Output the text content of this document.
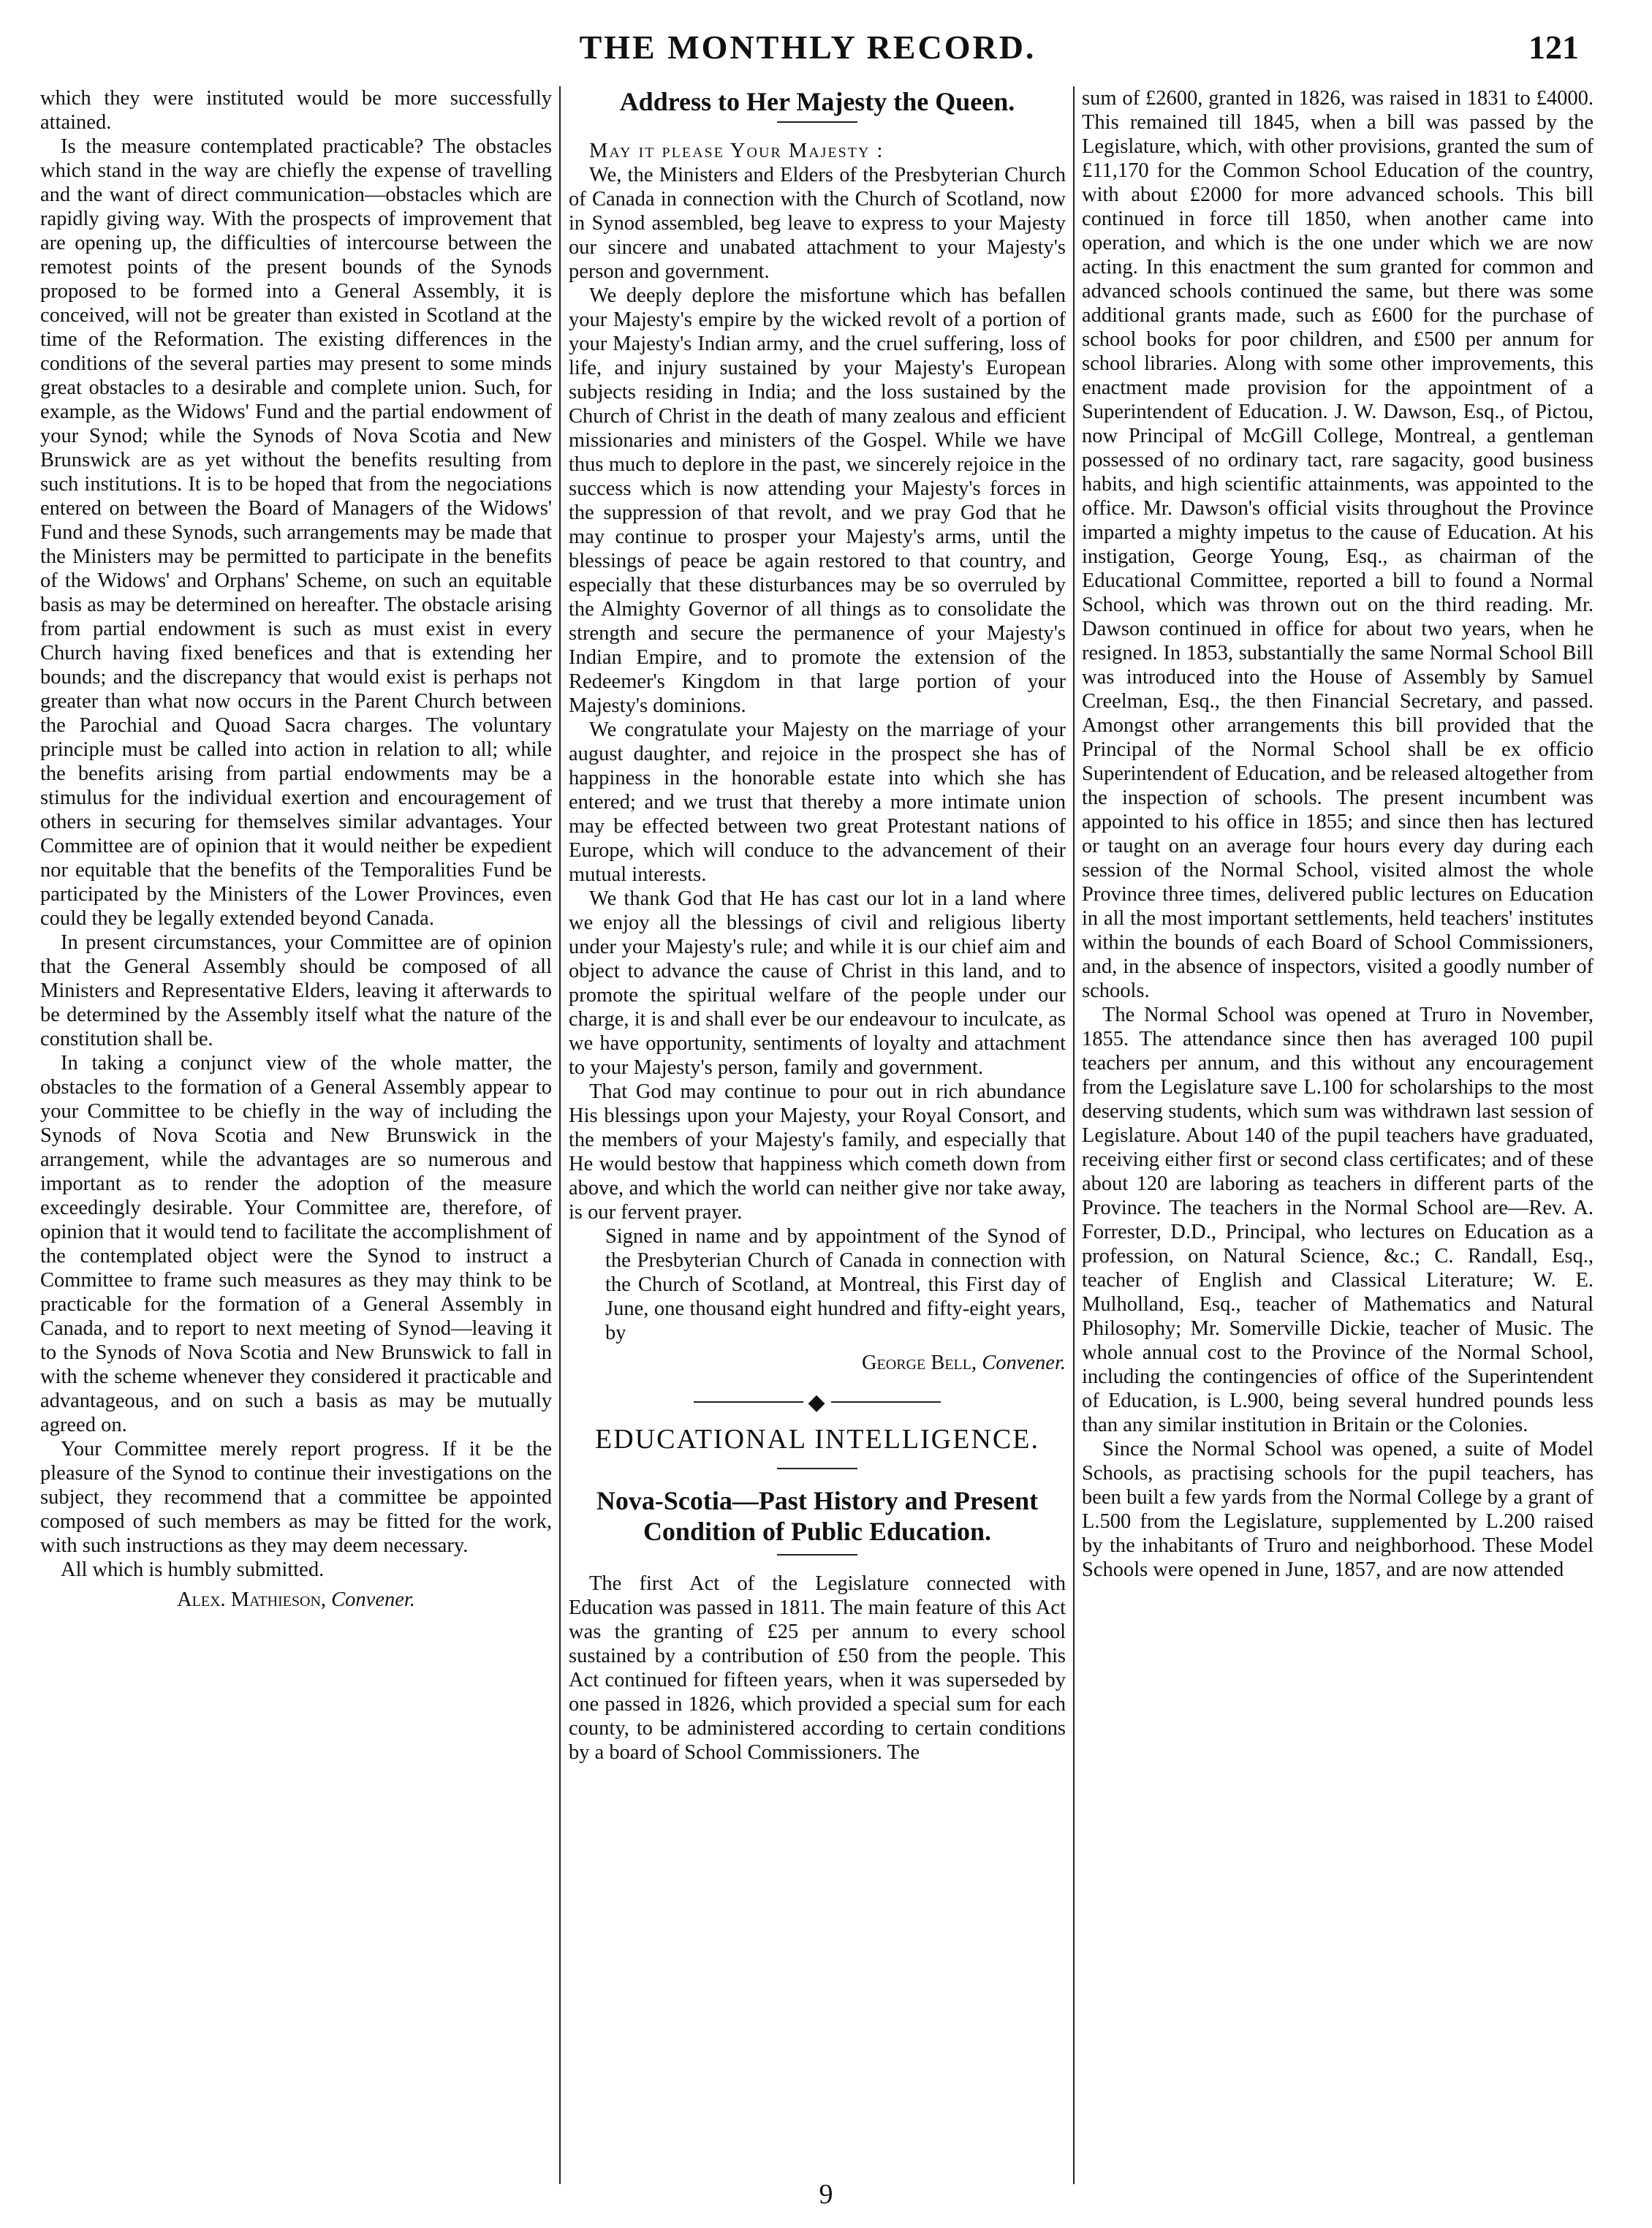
THE MONTHLY RECORD.	121

which they were instituted would be more successfully attained.

Is the measure contemplated practicable? The obstacles which stand in the way are chiefly the expense of travelling and the want of direct communication—obstacles which are rapidly giving way. With the prospects of improvement that are opening up, the difficulties of intercourse between the remotest points of the present bounds of the Synods proposed to be formed into a General Assembly, it is conceived, will not be greater than existed in Scotland at the time of the Reformation. The existing differences in the conditions of the several parties may present to some minds great obstacles to a desirable and complete union. Such, for example, as the Widows' Fund and the partial endowment of your Synod; while the Synods of Nova Scotia and New Brunswick are as yet without the benefits resulting from such institutions. It is to be hoped that from the negociations entered on between the Board of Managers of the Widows' Fund and these Synods, such arrangements may be made that the Ministers may be permitted to participate in the benefits of the Widows' and Orphans' Scheme, on such an equitable basis as may be determined on hereafter. The obstacle arising from partial endowment is such as must exist in every Church having fixed benefices and that is extending her bounds; and the discrepancy that would exist is perhaps not greater than what now occurs in the Parent Church between the Parochial and Quoad Sacra charges. The voluntary principle must be called into action in relation to all; while the benefits arising from partial endowments may be a stimulus for the individual exertion and encouragement of others in securing for themselves similar advantages. Your Committee are of opinion that it would neither be expedient nor equitable that the benefits of the Temporalities Fund be participated by the Ministers of the Lower Provinces, even could they be legally extended beyond Canada.

In present circumstances, your Committee are of opinion that the General Assembly should be composed of all Ministers and Representative Elders, leaving it afterwards to be determined by the Assembly itself what the nature of the constitution shall be.

In taking a conjunct view of the whole matter, the obstacles to the formation of a General Assembly appear to your Committee to be chiefly in the way of including the Synods of Nova Scotia and New Brunswick in the arrangement, while the advantages are so numerous and important as to render the adoption of the measure exceedingly desirable. Your Committee are, therefore, of opinion that it would tend to facilitate the accomplishment of the contemplated object were the Synod to instruct a Committee to frame such measures as they may think to be practicable for the formation of a General Assembly in Canada, and to report to next meeting of Synod—leaving it to the Synods of Nova Scotia and New Brunswick to fall in with the scheme whenever they considered it practicable and advantageous, and on such a basis as may be mutually agreed on.

Your Committee merely report progress. If it be the pleasure of the Synod to continue their investigations on the subject, they recommend that a committee be appointed composed of such members as may be fitted for the work, with such instructions as they may deem necessary.

All which is humbly submitted.

Alex. Mathieson, Convener.
Address to Her Majesty the Queen.

May it please Your Majesty :

We, the Ministers and Elders of the Presbyterian Church of Canada in connection with the Church of Scotland, now in Synod assembled, beg leave to express to your Majesty our sincere and unabated attachment to your Majesty's person and government.

We deeply deplore the misfortune which has befallen your Majesty's empire by the wicked revolt of a portion of your Majesty's Indian army, and the cruel suffering, loss of life, and injury sustained by your Majesty's European subjects residing in India; and the loss sustained by the Church of Christ in the death of many zealous and efficient missionaries and ministers of the Gospel. While we have thus much to deplore in the past, we sincerely rejoice in the success which is now attending your Majesty's forces in the suppression of that revolt, and we pray God that he may continue to prosper your Majesty's arms, until the blessings of peace be again restored to that country, and especially that these disturbances may be so overruled by the Almighty Governor of all things as to consolidate the strength and secure the permanence of your Majesty's Indian Empire, and to promote the extension of the Redeemer's Kingdom in that large portion of your Majesty's dominions.

We congratulate your Majesty on the marriage of your august daughter, and rejoice in the prospect she has of happiness in the honorable estate into which she has entered; and we trust that thereby a more intimate union may be effected between two great Protestant nations of Europe, which will conduce to the advancement of their mutual interests.

We thank God that He has cast our lot in a land where we enjoy all the blessings of civil and religious liberty under your Majesty's rule; and while it is our chief aim and object to advance the cause of Christ in this land, and to promote the spiritual welfare of the people under our charge, it is and shall ever be our endeavour to inculcate, as we have opportunity, sentiments of loyalty and attachment to your Majesty's person, family and government.

That God may continue to pour out in rich abundance His blessings upon your Majesty, your Royal Consort, and the members of your Majesty's family, and especially that He would bestow that happiness which cometh down from above, and which the world can neither give nor take away, is our fervent prayer.

Signed in name and by appointment of the Synod of the Presbyterian Church of Canada in connection with the Church of Scotland, at Montreal, this First day of June, one thousand eight hundred and fifty-eight years, by

George Bell, Convener.
◆
EDUCATIONAL INTELLIGENCE.
Nova-Scotia—Past History and Present Condition of Public Education.

The first Act of the Legislature connected with Education was passed in 1811. The main feature of this Act was the granting of £25 per annum to every school sustained by a contribution of £50 from the people. This Act continued for fifteen years, when it was superseded by one passed in 1826, which provided a special sum for each county, to be administered according to certain conditions by a board of School Commissioners. The

sum of £2600, granted in 1826, was raised in 1831 to £4000. This remained till 1845, when a bill was passed by the Legislature, which, with other provisions, granted the sum of £11,170 for the Common School Education of the country, with about £2000 for more advanced schools. This bill continued in force till 1850, when another came into operation, and which is the one under which we are now acting. In this enactment the sum granted for common and advanced schools continued the same, but there was some additional grants made, such as £600 for the purchase of school books for poor children, and £500 per annum for school libraries. Along with some other improvements, this enactment made provision for the appointment of a Superintendent of Education. J. W. Dawson, Esq., of Pictou, now Principal of McGill College, Montreal, a gentleman possessed of no ordinary tact, rare sagacity, good business habits, and high scientific attainments, was appointed to the office. Mr. Dawson's official visits throughout the Province imparted a mighty impetus to the cause of Education. At his instigation, George Young, Esq., as chairman of the Educational Committee, reported a bill to found a Normal School, which was thrown out on the third reading. Mr. Dawson continued in office for about two years, when he resigned. In 1853, substantially the same Normal School Bill was introduced into the House of Assembly by Samuel Creelman, Esq., the then Financial Secretary, and passed. Amongst other arrangements this bill provided that the Principal of the Normal School shall be ex officio Superintendent of Education, and be released altogether from the inspection of schools. The present incumbent was appointed to his office in 1855; and since then has lectured or taught on an average four hours every day during each session of the Normal School, visited almost the whole Province three times, delivered public lectures on Education in all the most important settlements, held teachers' institutes within the bounds of each Board of School Commissioners, and, in the absence of inspectors, visited a goodly number of schools.

The Normal School was opened at Truro in November, 1855. The attendance since then has averaged 100 pupil teachers per annum, and this without any encouragement from the Legislature save L.100 for scholarships to the most deserving students, which sum was withdrawn last session of Legislature. About 140 of the pupil teachers have graduated, receiving either first or second class certificates; and of these about 120 are laboring as teachers in different parts of the Province. The teachers in the Normal School are—Rev. A. Forrester, D.D., Principal, who lectures on Education as a profession, on Natural Science, &c.; C. Randall, Esq., teacher of English and Classical Literature; W. E. Mulholland, Esq., teacher of Mathematics and Natural Philosophy; Mr. Somerville Dickie, teacher of Music. The whole annual cost to the Province of the Normal School, including the contingencies of office of the Superintendent of Education, is L.900, being several hundred pounds less than any similar institution in Britain or the Colonies.

Since the Normal School was opened, a suite of Model Schools, as practising schools for the pupil teachers, has been built a few yards from the Normal College by a grant of L.500 from the Legislature, supplemented by L.200 raised by the inhabitants of Truro and neighborhood. These Model Schools were opened in June, 1857, and are now attended

9
